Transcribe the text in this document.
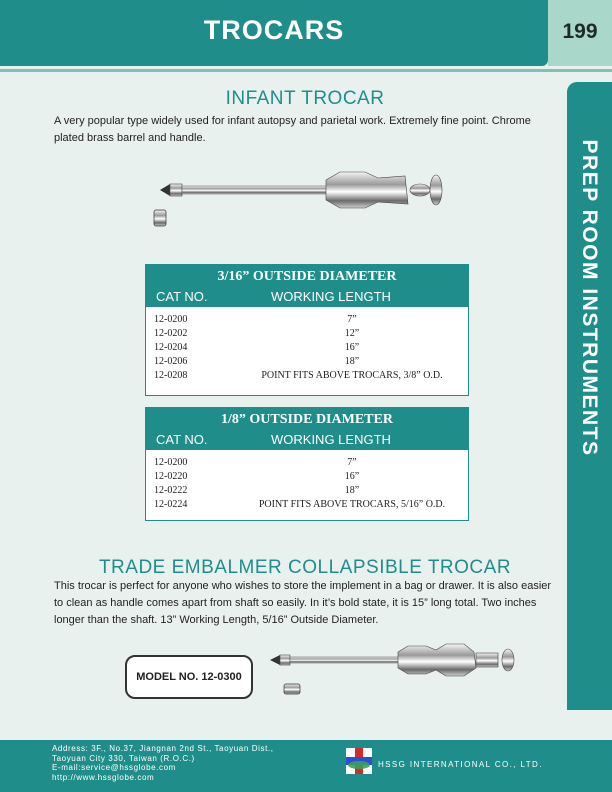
TROCARS	199
PREP ROOM INSTRUMENTS
INFANT TROCAR
A very popular type widely used for infant autopsy and parietal work. Extremely fine point. Chrome plated brass barrel and handle.
3/16” OUTSIDE DIAMETER
CAT NO.	WORKING LENGTH
12-0200	7”
12-0202	12”
12-0204	16”
12-0206	18”
12-0208	POINT FITS ABOVE TROCARS, 3/8” O.D.
1/8” OUTSIDE DIAMETER
CAT NO.	WORKING LENGTH
12-0200	7”
12-0220	16”
12-0222	18”
12-0224	POINT FITS ABOVE TROCARS, 5/16” O.D.
TRADE EMBALMER COLLAPSIBLE TROCAR
This trocar is perfect for anyone who wishes to store the implement in a bag or drawer. It is also easier to clean as handle comes apart from shaft so easily. In it’s bold state, it is 15” long total. Two inches longer than the shaft. 13” Working Length, 5/16” Outside Diameter.
MODEL NO. 12-0300
Address: 3F., No.37, Jiangnan 2nd St., Taoyuan Dist.,
Taoyuan City 330, Taiwan (R.O.C.)
E-mail:service@hssglobe.com
http://www.hssglobe.com
HSSG INTERNATIONAL CO., LTD.
